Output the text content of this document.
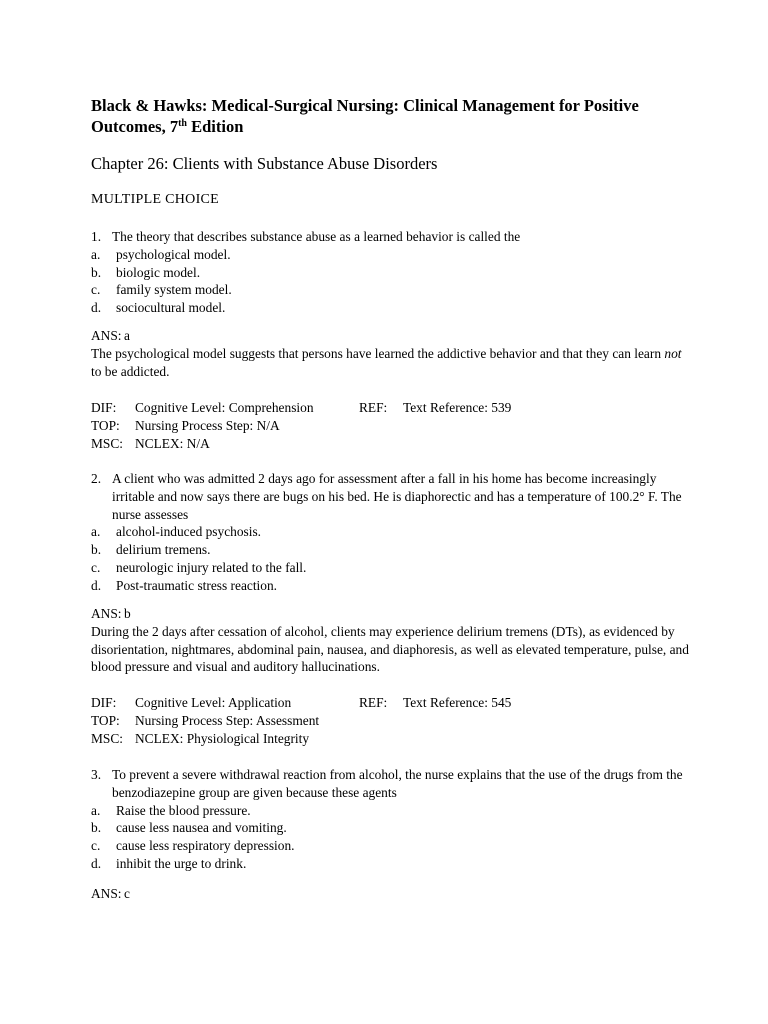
Black & Hawks: Medical-Surgical Nursing: Clinical Management for Positive Outcomes, 7th Edition
Chapter 26: Clients with Substance Abuse Disorders
MULTIPLE CHOICE
1. The theory that describes substance abuse as a learned behavior is called the
a. psychological model.
b. biologic model.
c. family system model.
d. sociocultural model.
ANS: a
The psychological model suggests that persons have learned the addictive behavior and that they can learn not to be addicted.
DIF: Cognitive Level: Comprehension	REF: Text Reference: 539
TOP: Nursing Process Step: N/A
MSC: NCLEX: N/A
2. A client who was admitted 2 days ago for assessment after a fall in his home has become increasingly irritable and now says there are bugs on his bed. He is diaphorectic and has a temperature of 100.2° F. The nurse assesses
a. alcohol-induced psychosis.
b. delirium tremens.
c. neurologic injury related to the fall.
d. Post-traumatic stress reaction.
ANS: b
During the 2 days after cessation of alcohol, clients may experience delirium tremens (DTs), as evidenced by disorientation, nightmares, abdominal pain, nausea, and diaphoresis, as well as elevated temperature, pulse, and blood pressure and visual and auditory hallucinations.
DIF: Cognitive Level: Application	REF: Text Reference: 545
TOP: Nursing Process Step: Assessment
MSC: NCLEX: Physiological Integrity
3. To prevent a severe withdrawal reaction from alcohol, the nurse explains that the use of the drugs from the benzodiazepine group are given because these agents
a. Raise the blood pressure.
b. cause less nausea and vomiting.
c. cause less respiratory depression.
d. inhibit the urge to drink.
ANS: c
